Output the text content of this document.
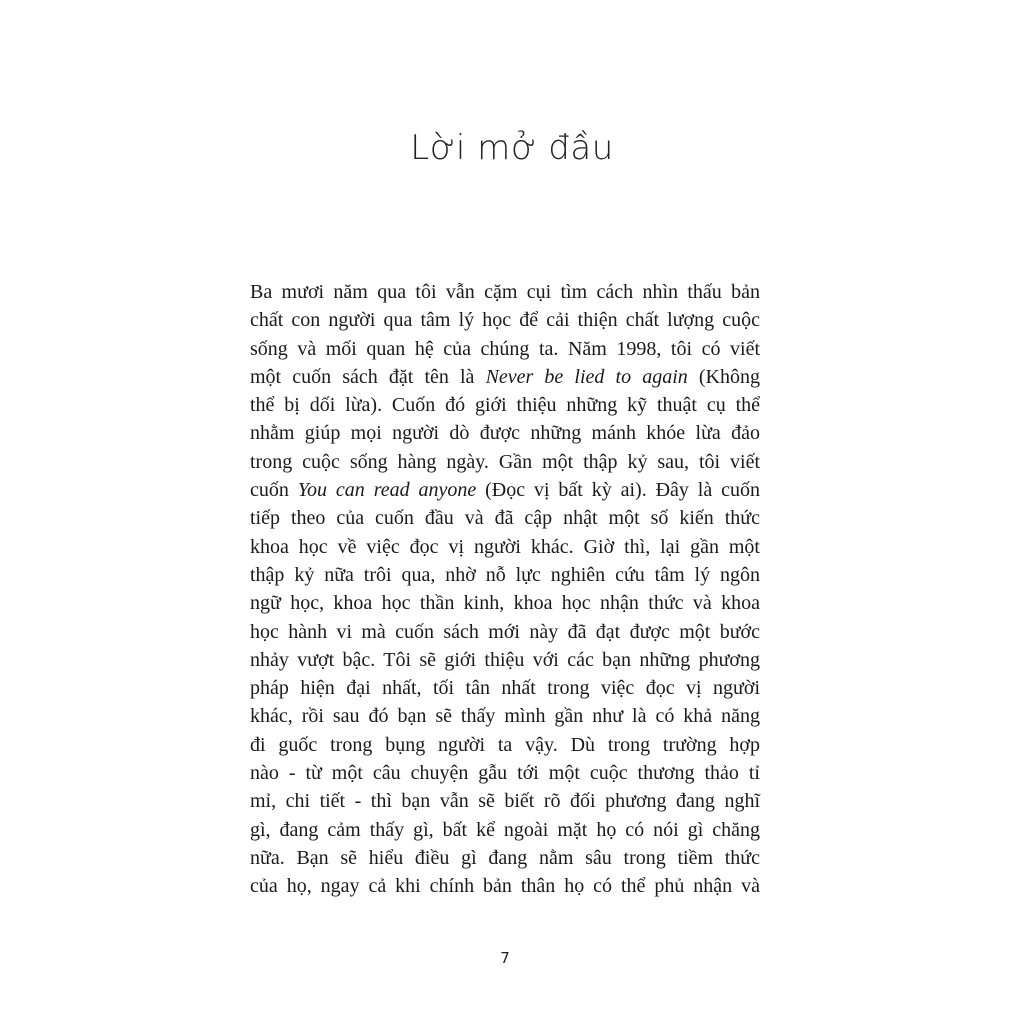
Lời mở đầu
Ba mươi năm qua tôi vẫn cặm cụi tìm cách nhìn thấu bản
chất con người qua tâm lý học để cải thiện chất lượng cuộc
sống và mối quan hệ của chúng ta. Năm 1998, tôi có viết
một cuốn sách đặt tên là Never be lied to again (Không
thể bị dối lừa). Cuốn đó giới thiệu những kỹ thuật cụ thể
nhằm giúp mọi người dò được những mánh khóe lừa đảo
trong cuộc sống hàng ngày. Gần một thập kỷ sau, tôi viết
cuốn You can read anyone (Đọc vị bất kỳ ai). Đây là cuốn
tiếp theo của cuốn đầu và đã cập nhật một số kiến thức
khoa học về việc đọc vị người khác. Giờ thì, lại gần một
thập kỷ nữa trôi qua, nhờ nỗ lực nghiên cứu tâm lý ngôn
ngữ học, khoa học thần kinh, khoa học nhận thức và khoa
học hành vi mà cuốn sách mới này đã đạt được một bước
nhảy vượt bậc. Tôi sẽ giới thiệu với các bạn những phương
pháp hiện đại nhất, tối tân nhất trong việc đọc vị người
khác, rồi sau đó bạn sẽ thấy mình gần như là có khả năng
đi guốc trong bụng người ta vậy. Dù trong trường hợp
nào - từ một câu chuyện gẫu tới một cuộc thương thảo tỉ
mỉ, chi tiết - thì bạn vẫn sẽ biết rõ đối phương đang nghĩ
gì, đang cảm thấy gì, bất kể ngoài mặt họ có nói gì chăng
nữa. Bạn sẽ hiểu điều gì đang nằm sâu trong tiềm thức
của họ, ngay cả khi chính bản thân họ có thể phủ nhận và
7
